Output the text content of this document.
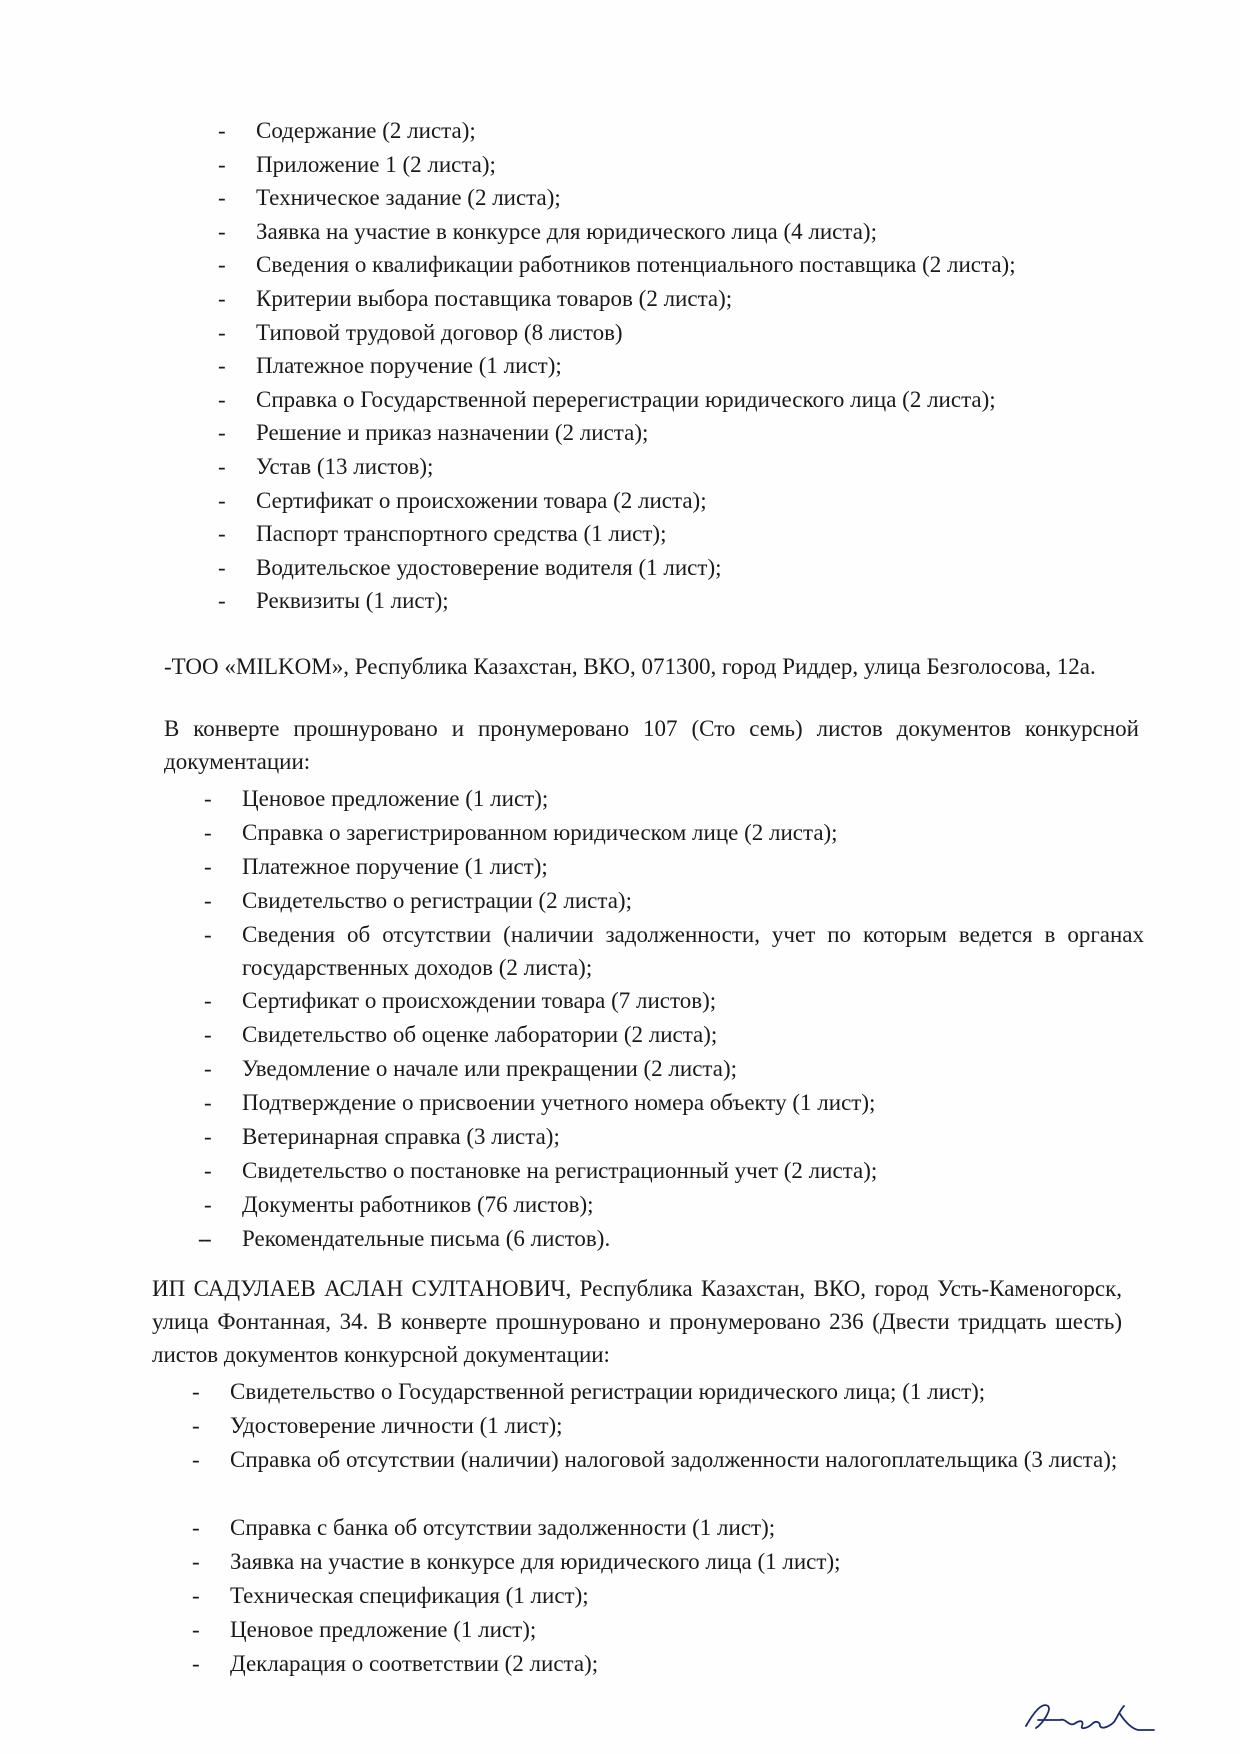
- Содержание (2 листа);
- Приложение 1 (2 листа);
- Техническое задание (2 листа);
- Заявка на участие в конкурсе для юридического лица (4 листа);
- Сведения о квалификации работников потенциального поставщика (2 листа);
- Критерии выбора поставщика товаров (2 листа);
- Типовой трудовой договор (8 листов)
- Платежное поручение (1 лист);
- Справка о Государственной перерегистрации юридического лица (2 листа);
- Решение и приказ назначении (2 листа);
- Устав (13 листов);
- Сертификат о происхожении товара (2 листа);
- Паспорт транспортного средства (1 лист);
- Водительское удостоверение водителя (1 лист);
- Реквизиты (1 лист);
-ТОО «MILKOM», Республика Казахстан, ВКО, 071300, город Риддер, улица Безголосова, 12а.
В конверте прошнуровано и пронумеровано 107 (Сто семь) листов документов конкурсной документации:
- Ценовое предложение (1 лист);
- Справка о зарегистрированном юридическом лице (2 листа);
- Платежное поручение (1 лист);
- Свидетельство о регистрации (2 листа);
- Сведения об отсутствии (наличии задолженности, учет по которым ведется в органах государственных доходов (2 листа);
- Сертификат о происхождении товара (7 листов);
- Свидетельство об оценке лаборатории (2 листа);
- Уведомление о начале или прекращении (2 листа);
- Подтверждение о присвоении учетного номера объекту (1 лист);
- Ветеринарная справка (3 листа);
- Свидетельство о постановке на регистрационный учет (2 листа);
- Документы работников (76 листов);
- Рекомендательные письма (6 листов).
-
ИП САДУЛАЕВ АСЛАН СУЛТАНОВИЧ, Республика Казахстан, ВКО, город Усть-Каменогорск, улица Фонтанная, 34. В конверте прошнуровано и пронумеровано 236 (Двести тридцать шесть) листов документов конкурсной документации:
- Свидетельство о Государственной регистрации юридического лица; (1 лист);
- Удостоверение личности (1 лист);
- Справка об отсутствии (наличии) налоговой задолженности налогоплательщика (3 листа);
- Справка с банка об отсутствии задолженности (1 лист);
- Заявка на участие в конкурсе для юридического лица (1 лист);
- Техническая спецификация (1 лист);
- Ценовое предложение (1 лист);
- Декларация о соответствии (2 листа);
